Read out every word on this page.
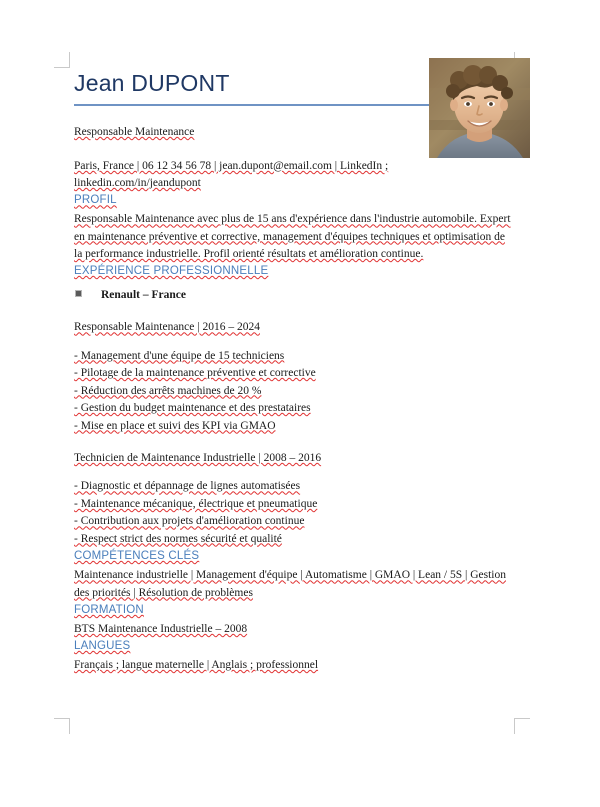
Jean DUPONT

Responsable Maintenance

Paris, France | 06 12 34 56 78 | jean.dupont@email.com | LinkedIn ; linkedin.com/in/jeandupont

PROFIL

Responsable Maintenance avec plus de 15 ans d'expérience dans l'industrie automobile. Expert en maintenance préventive et corrective, management d'équipes techniques et optimisation de la performance industrielle. Profil orienté résultats et amélioration continue.

EXPÉRIENCE PROFESSIONNELLE
Renault – France

Responsable Maintenance | 2016 – 2024

- Management d'une équipe de 15 techniciens

- Pilotage de la maintenance préventive et corrective

- Réduction des arrêts machines de 20 %

- Gestion du budget maintenance et des prestataires

- Mise en place et suivi des KPI via GMAO

Technicien de Maintenance Industrielle | 2008 – 2016

- Diagnostic et dépannage de lignes automatisées

- Maintenance mécanique, électrique et pneumatique

- Contribution aux projets d'amélioration continue

- Respect strict des normes sécurité et qualité

COMPÉTENCES CLÉS

Maintenance industrielle | Management d'équipe | Automatisme | GMAO | Lean / 5S | Gestion des priorités | Résolution de problèmes

FORMATION

BTS Maintenance Industrielle – 2008

LANGUES

Français ; langue maternelle | Anglais ; professionnel
